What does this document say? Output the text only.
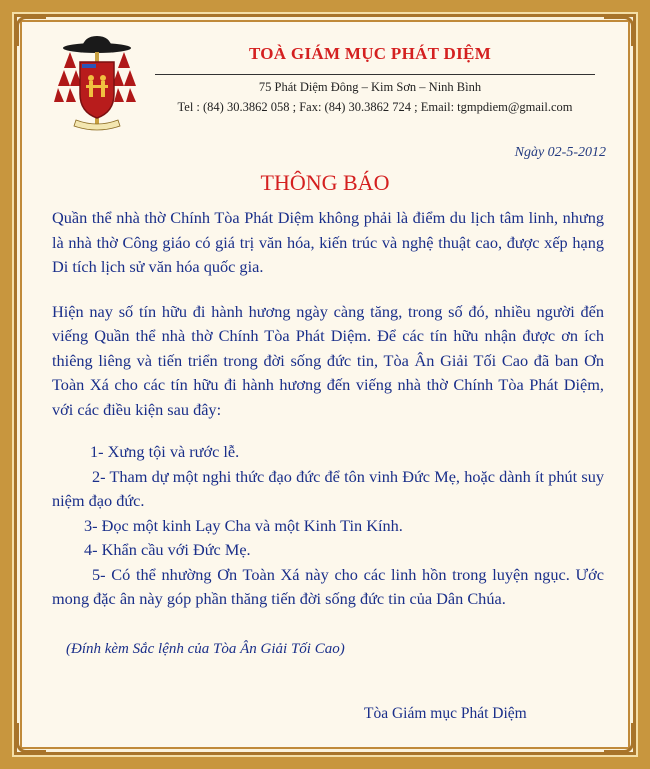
TOÀ GIÁM MỤC PHÁT DIỆM
75 Phát Diệm Đông – Kim Sơn – Ninh Bình
Tel : (84) 30.3862 058 ; Fax: (84) 30.3862 724 ; Email: tgmpdiem@gmail.com
Ngày 02-5-2012
THÔNG BÁO

Quần thể nhà thờ Chính Tòa Phát Diệm không phải là điểm du lịch tâm linh, nhưng là nhà thờ Công giáo có giá trị văn hóa, kiến trúc và nghệ thuật cao, được xếp hạng Di tích lịch sử văn hóa quốc gia.

Hiện nay số tín hữu đi hành hương ngày càng tăng, trong số đó, nhiều người đến viếng Quần thể nhà thờ Chính Tòa Phát Diệm. Để các tín hữu nhận được ơn ích thiêng liêng và tiến triển trong đời sống đức tin, Tòa Ân Giải Tối Cao đã ban Ơn Toàn Xá cho các tín hữu đi hành hương đến viếng nhà thờ Chính Tòa Phát Diệm, với các điều kiện sau đây:

1- Xưng tội và rước lễ.

2- Tham dự một nghi thức đạo đức để tôn vinh Đức Mẹ, hoặc dành ít phút suy niệm đạo đức.

3- Đọc một kinh Lạy Cha và một Kinh Tin Kính.

4- Khẩn cầu với Đức Mẹ.

5- Có thể nhường Ơn Toàn Xá này cho các linh hồn trong luyện ngục. Ước mong đặc ân này góp phần thăng tiến đời sống đức tin của Dân Chúa.

(Đính kèm Sắc lệnh của Tòa Ân Giải Tối Cao)
Tòa Giám mục Phát Diệm
